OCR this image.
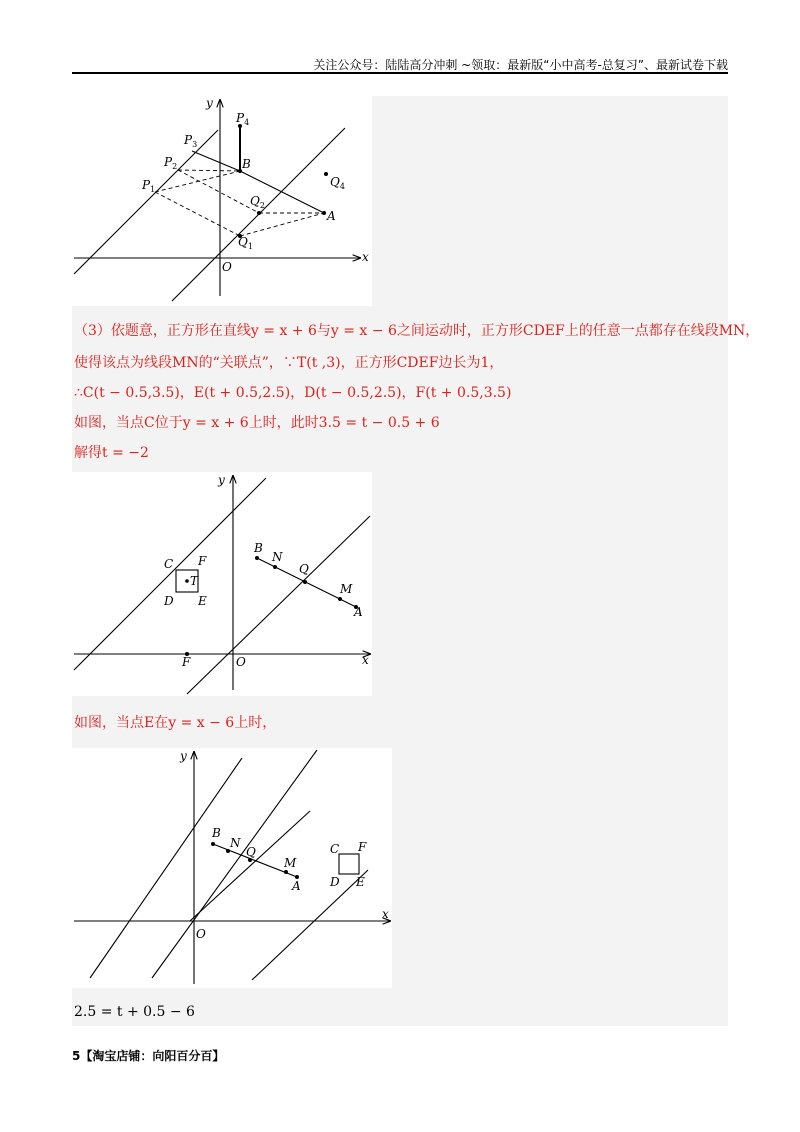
关注公众号：陆陆高分冲刺 ~领取：最新版“小中高考-总复习”、最新试卷下载
y
x
O
$P_4$
$P_3$
$P_2$
$P_1$
B
$Q_4$
$Q_2$
A
$Q_1$
（3）依题意，正方形在直线y = x + 6与y = x − 6之间运动时，正方形CDEF上的任意一点都存在线段MN，
使得该点为线段MN的“关联点”，∵T(t ,3)，正方形CDEF边长为1，
∴C(t − 0.5,3.5)，E(t + 0.5,2.5)，D(t − 0.5,2.5)，F(t + 0.5,3.5)
如图，当点C位于y = x + 6上时，此时3.5 = t − 0.5 + 6
解得t = −2
y
x
O
C F
T
D E
B
N
Q
M
A
F
如图，当点E在y = x − 6上时，
y
x
O
B
N
Q
M
A
C F
D E
2.5 = t + 0.5 − 6
5【淘宝店铺：向阳百分百】
